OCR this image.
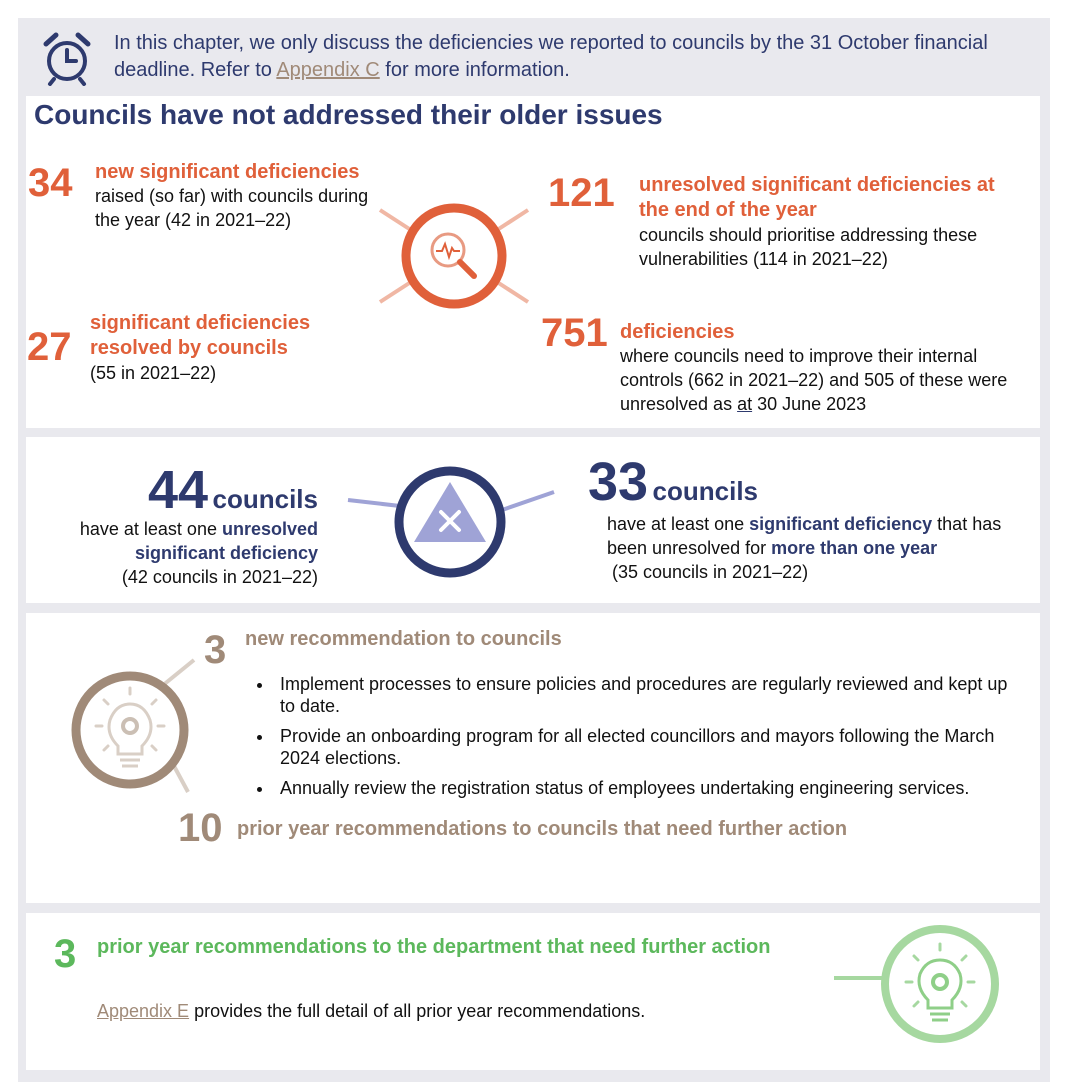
In this chapter, we only discuss the deficiencies we reported to councils by the 31 October financial deadline. Refer to Appendix C for more information.
Councils have not addressed their older issues
34 new significant deficiencies raised (so far) with councils during the year (42 in 2021–22)
121 unresolved significant deficiencies at the end of the year
councils should prioritise addressing these vulnerabilities (114 in 2021–22)
27
significant deficiencies resolved by councils
(55 in 2021–22)
751 deficiencies
where councils need to improve their internal controls (662 in 2021–22) and 505 of these were unresolved as at 30 June 2023
44 councils
have at least one unresolved significant deficiency
(42 councils in 2021–22)
33 councils
have at least one significant deficiency that has been unresolved for more than one year
(35 councils in 2021–22)
3 new recommendation to councils
• Implement processes to ensure policies and procedures are regularly reviewed and kept up to date.
• Provide an onboarding program for all elected councillors and mayors following the March 2024 elections.
• Annually review the registration status of employees undertaking engineering services.
10 prior year recommendations to councils that need further action
3 prior year recommendations to the department that need further action
Appendix E provides the full detail of all prior year recommendations.
